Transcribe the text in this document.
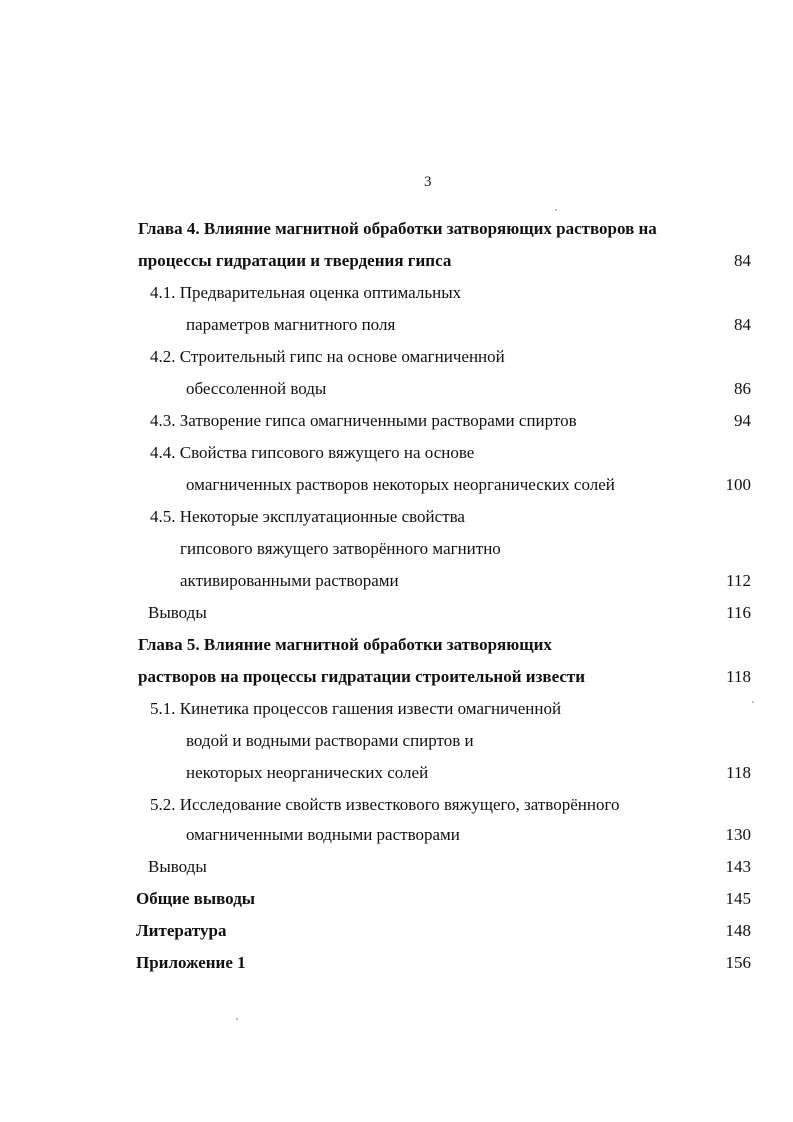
3
Глава 4. Влияние магнитной обработки затворяющих растворов на
процессы гидратации и твердения гипса	84
4.1. Предварительная оценка оптимальных
параметров магнитного поля	84
4.2. Строительный гипс на основе омагниченной
обессоленной воды	86
4.3. Затворение гипса омагниченными растворами спиртов	94
4.4. Свойства гипсового вяжущего на основе
омагниченных растворов некоторых неорганических солей	100
4.5. Некоторые эксплуатационные свойства
гипсового вяжущего затворённого магнитно
активированными растворами	112
Выводы	116
Глава 5. Влияние магнитной обработки затворяющих
растворов на процессы гидратации строительной извести	118
5.1. Кинетика процессов гашения извести омагниченной
водой и водными растворами спиртов и
некоторых неорганических солей	118
5.2. Исследование свойств известкового вяжущего, затворённого
омагниченными водными растворами	130
Выводы	143
Общие выводы	145
Литература	148
Приложение 1	156
